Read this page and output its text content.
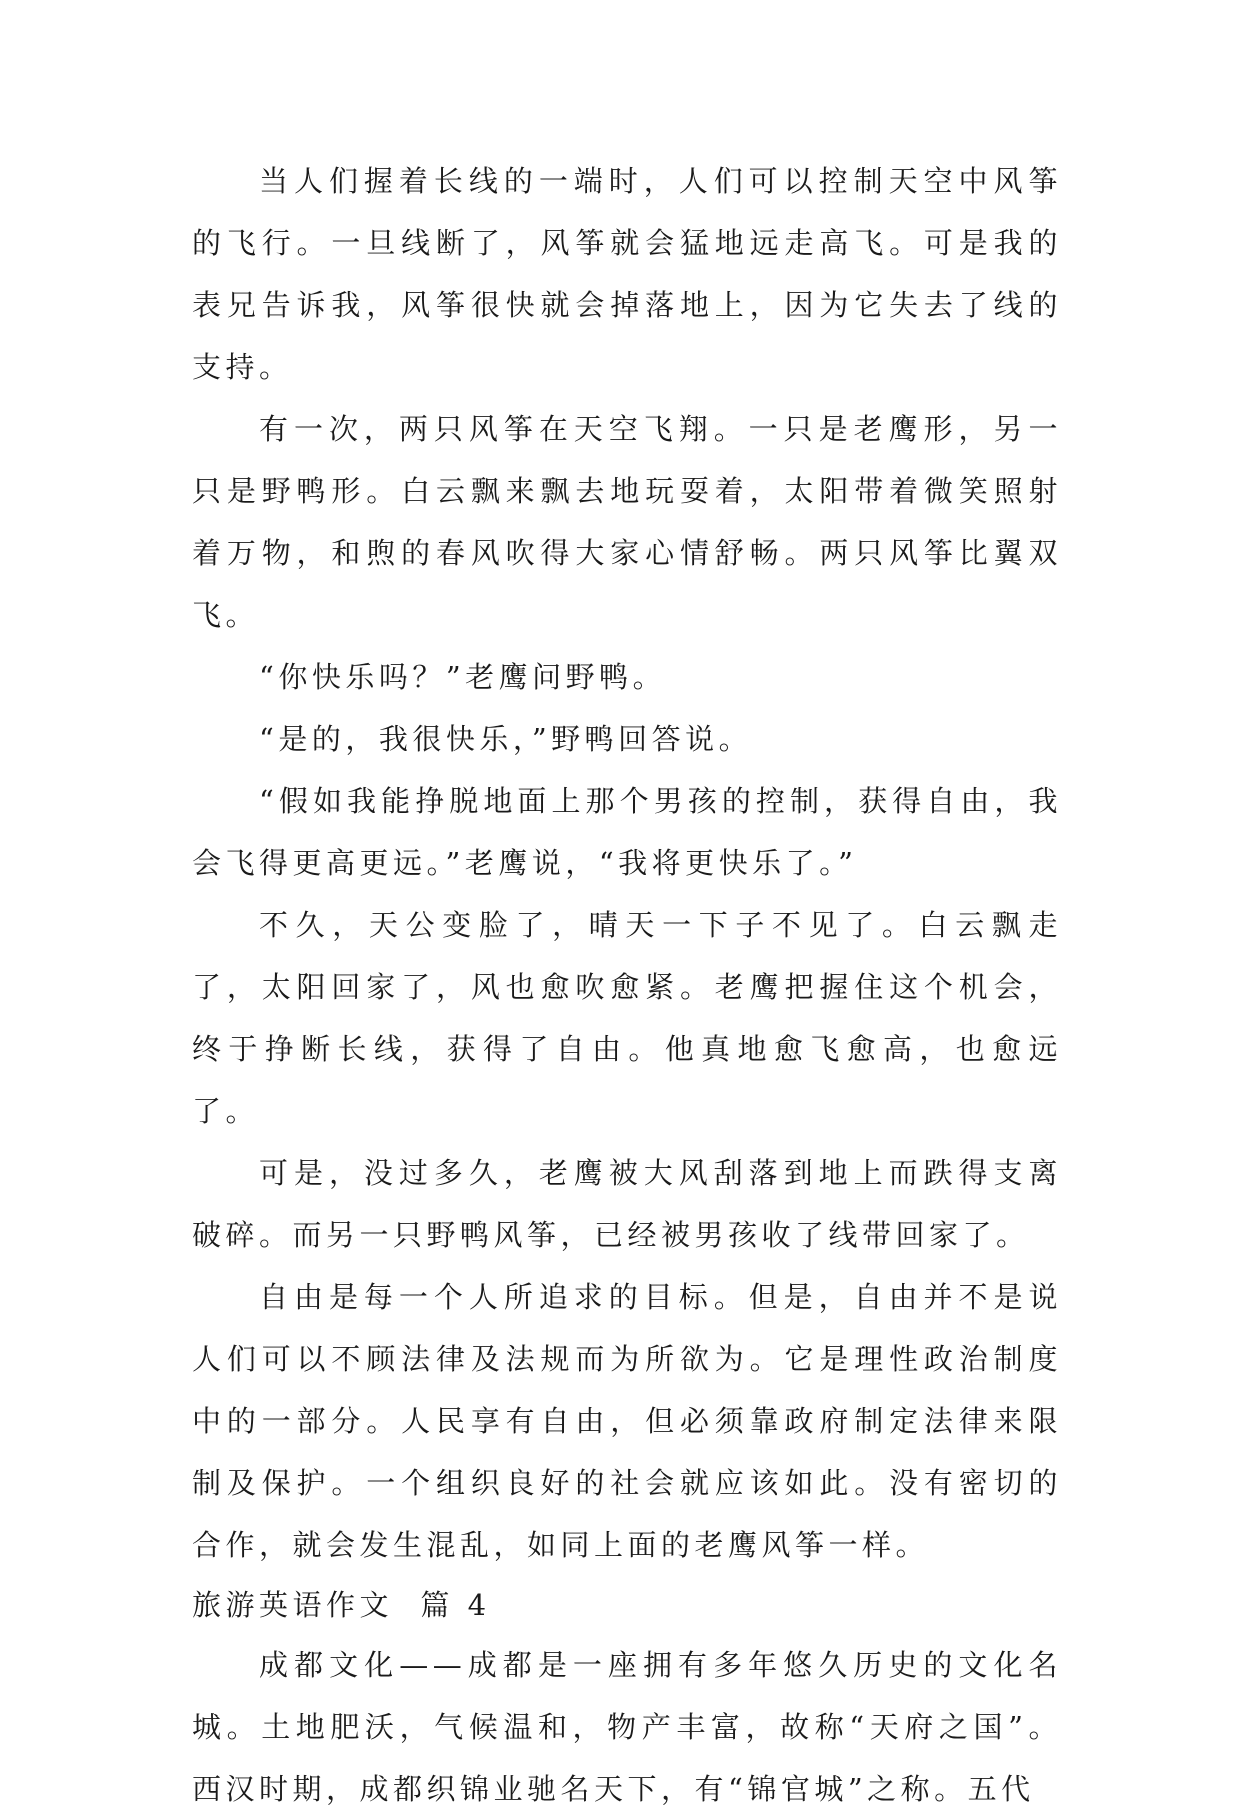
当人们握着长线的一端时，人们可以控制天空中风筝的飞行。一旦线断了，风筝就会猛地远走高飞。可是我的表兄告诉我，风筝很快就会掉落地上，因为它失去了线的支持。

有一次，两只风筝在天空飞翔。一只是老鹰形，另一只是野鸭形。白云飘来飘去地玩耍着，太阳带着微笑照射着万物，和煦的春风吹得大家心情舒畅。两只风筝比翼双飞。

“你快乐吗？”老鹰问野鸭。

“是的，我很快乐，”野鸭回答说。

“假如我能挣脱地面上那个男孩的控制，获得自由，我会飞得更高更远。”老鹰说，“我将更快乐了。”

不久，天公变脸了，晴天一下子不见了。白云飘走了，太阳回家了，风也愈吹愈紧。老鹰把握住这个机会，终于挣断长线，获得了自由。他真地愈飞愈高，也愈远了。

可是，没过多久，老鹰被大风刮落到地上而跌得支离破碎。而另一只野鸭风筝，已经被男孩收了线带回家了。

自由是每一个人所追求的目标。但是，自由并不是说人们可以不顾法律及法规而为所欲为。它是理性政治制度中的一部分。人民享有自由，但必须靠政府制定法律来限制及保护。一个组织良好的社会就应该如此。没有密切的合作，就会发生混乱，如同上面的老鹰风筝一样。

旅游英语作文  篇 4

成都文化——成都是一座拥有多年悠久历史的文化名城。土地肥沃，气候温和，物产丰富，故称“天府之国”。西汉时期，成都织锦业驰名天下，有“锦官城”之称。五代
